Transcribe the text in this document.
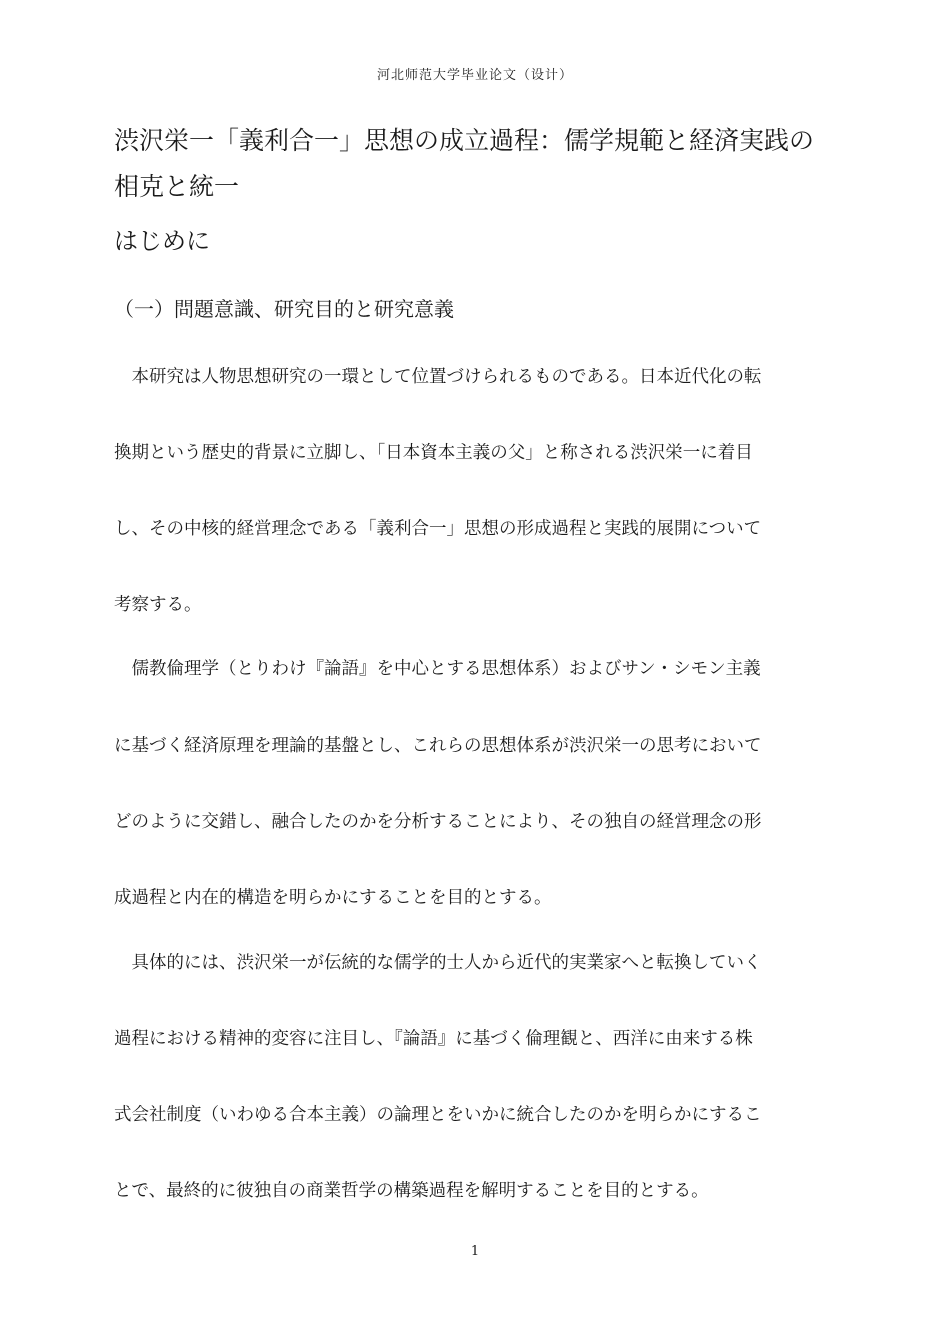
河北师范大学毕业论文（设计）
渋沢栄一「義利合一」思想の成立過程：儒学規範と経済実践の
相克と統一
はじめに
（一）問題意識、研究目的と研究意義
　本研究は人物思想研究の一環として位置づけられるものである。日本近代化の転
換期という歴史的背景に立脚し、「日本資本主義の父」と称される渋沢栄一に着目
し、その中核的経営理念である「義利合一」思想の形成過程と実践的展開について
考察する。
　儒教倫理学（とりわけ『論語』を中心とする思想体系）およびサン・シモン主義
に基づく経済原理を理論的基盤とし、これらの思想体系が渋沢栄一の思考において
どのように交錯し、融合したのかを分析することにより、その独自の経営理念の形
成過程と内在的構造を明らかにすることを目的とする。
　具体的には、渋沢栄一が伝統的な儒学的士人から近代的実業家へと転換していく
過程における精神的変容に注目し、『論語』に基づく倫理観と、西洋に由来する株
式会社制度（いわゆる合本主義）の論理とをいかに統合したのかを明らかにするこ
とで、最終的に彼独自の商業哲学の構築過程を解明することを目的とする。
1
